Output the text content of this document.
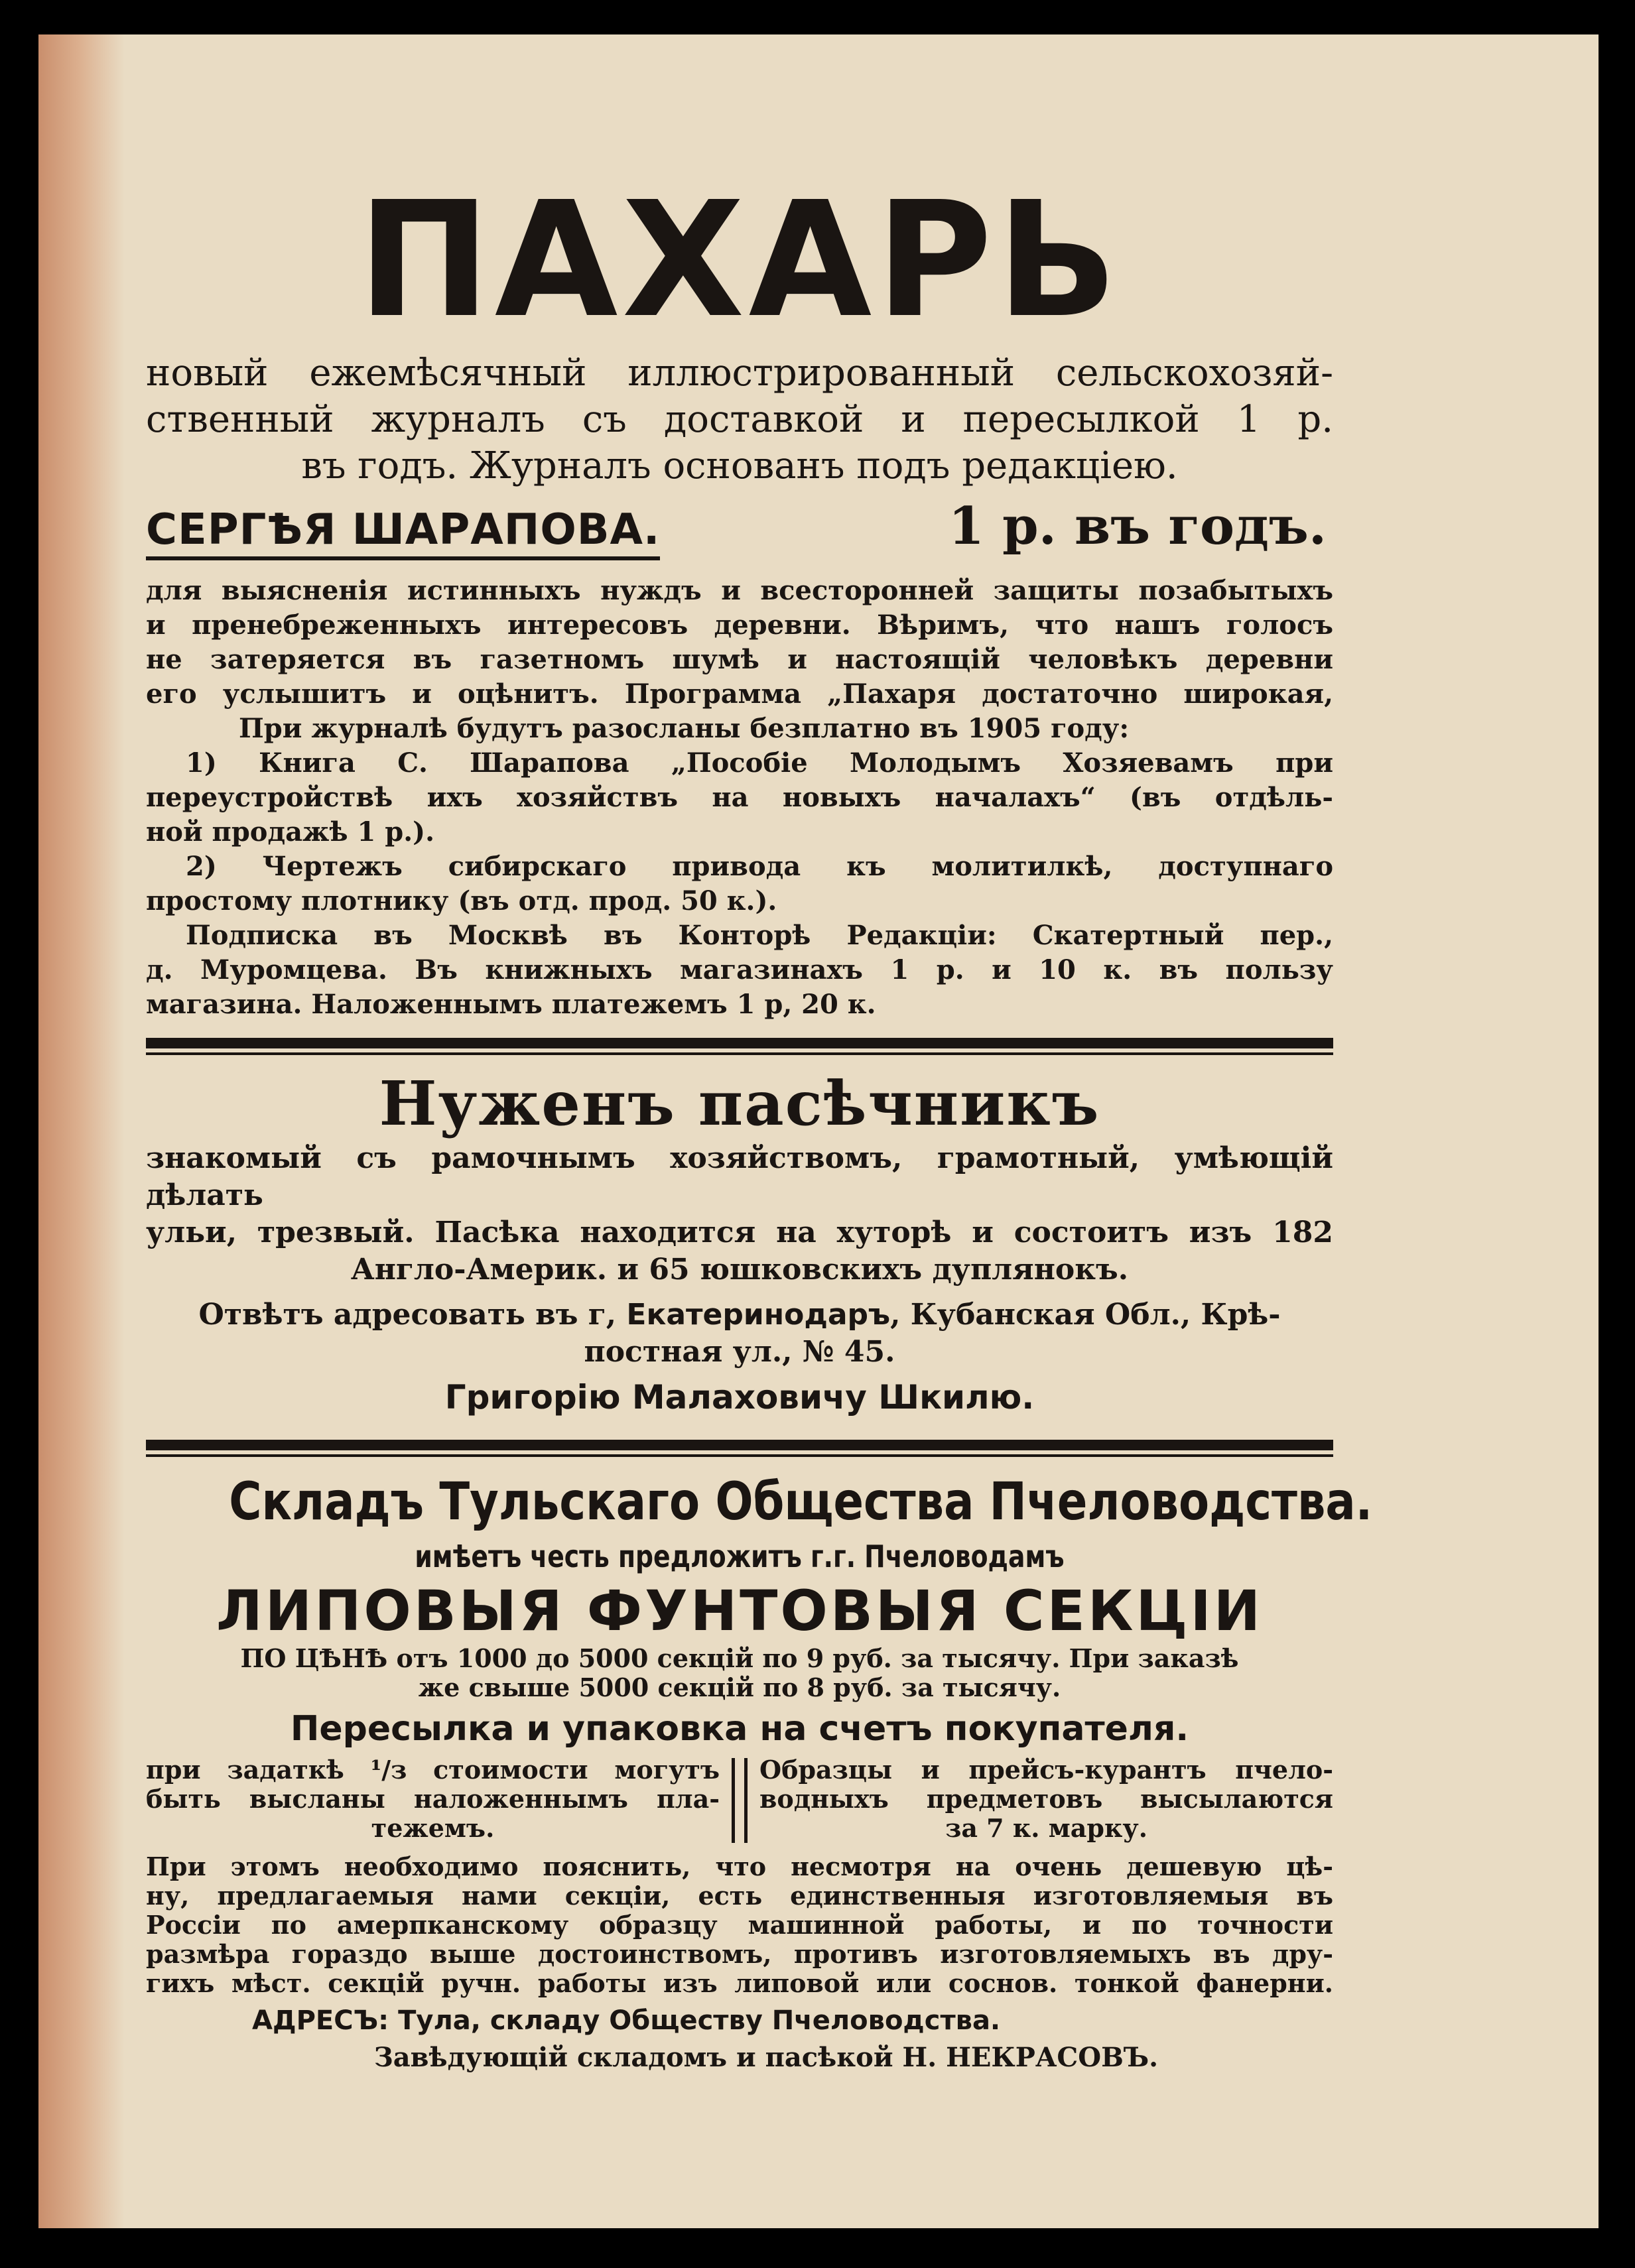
ПАХАРЬ

новый ежемѣсячный иллюстрированный сельскохозяй-

ственный журналъ съ доставкой и пересылкой 1 р.

въ годъ. Журналъ основанъ подъ редакціею.

СЕРГѢЯ ШАРАПОВА.	1 р. въ годъ.

для выясненія истинныхъ нуждъ и всесторонней защиты позабытыхъ

и пренебреженныхъ интересовъ деревни. Вѣримъ, что нашъ голосъ

не затеряется въ газетномъ шумѣ и настоящій человѣкъ деревни

его услышитъ и оцѣнитъ. Программа „Пахаря достаточно широкая,

При журналѣ будутъ разосланы безплатно въ 1905 году:

1) Книга С. Шарапова „Пособіе Молодымъ Хозяевамъ при

переустройствѣ ихъ хозяйствъ на новыхъ началахъ“ (въ отдѣль-

ной продажѣ 1 р.).

2) Чертежъ сибирскаго привода къ молитилкѣ, доступнаго

простому плотнику (въ отд. прод. 50 к.).

Подписка въ Москвѣ въ Конторѣ Редакціи: Скатертный пер.,

д. Муромцева. Въ книжныхъ магазинахъ 1 р. и 10 к. въ пользу

магазина. Наложеннымъ платежемъ 1 р, 20 к.

Нуженъ пасѣчникъ

знакомый съ рамочнымъ хозяйствомъ, грамотный, умѣющій дѣлать

ульи, трезвый. Пасѣка находится на хуторѣ и состоитъ изъ 182

Англо-Америк. и 65 юшковскихъ дуплянокъ.

Отвѣтъ адресовать въ г, Екатеринодаръ, Кубанская Обл., Крѣ-

постная ул., № 45.

Григорію Малаховичу Шкилю.
Складъ Тульскаго Общества Пчеловодства.
имѣетъ честь предложитъ г.г. Пчеловодамъ
ЛИПОВЫЯ ФУНТОВЫЯ СЕКЦІИ

ПО ЦѢНѢ отъ 1000 до 5000 секцій по 9 руб. за тысячу. При заказѣ

же свыше 5000 секцій по 8 руб. за тысячу.

Пересылка и упаковка на счетъ покупателя.

при задаткѣ ¹/з стоимости могутъ

быть высланы наложеннымъ пла-

тежемъ.

Образцы и прейсъ-курантъ пчело-

водныхъ предметовъ высылаются

за 7 к. марку.

При этомъ необходимо пояснить, что несмотря на очень дешевую цѣ-

ну, предлагаемыя нами секціи, есть единственныя изготовляемыя въ

Россіи по амерпканскому образцу машинной работы, и по точности

размѣра гораздо выше достоинствомъ, противъ изготовляемыхъ въ дру-

гихъ мѣст. секцій ручн. работы изъ липовой или соснов. тонкой фанерни.

АДРЕСЪ: Тула, складу Обществу Пчеловодства.
Завѣдующій складомъ и пасѣкой Н. НЕКРАСОВЪ.
